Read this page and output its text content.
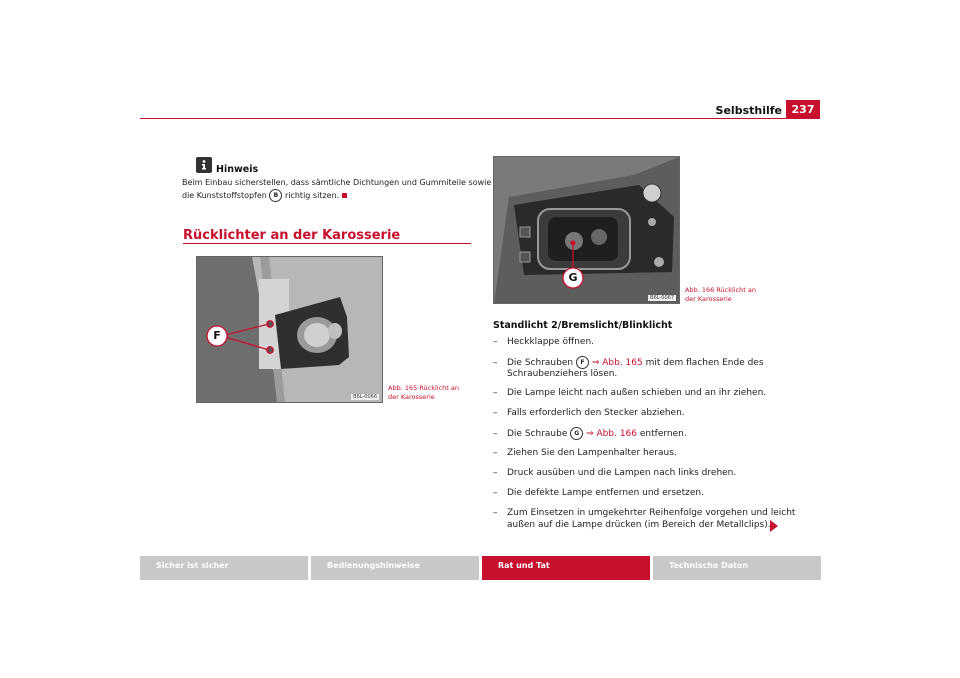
Selbsthilfe 237
Hinweis
Beim Einbau sicherstellen, dass sämtliche Dichtungen und Gummiteile sowie
die Kunststoffstopfen B richtig sitzen.
Rücklichter an der Karosserie
F
B6L-0066
Abb. 165 Rücklicht an
der Karosserie
G
B6L-0067
Abb. 166 Rücklicht an
der Karosserie
Standlicht 2/Bremslicht/Blinklicht
– Heckklappe öffnen.
– Die Schrauben F ⇒ Abb. 165 mit dem flachen Ende des
Schraubenziehers lösen.
– Die Lampe leicht nach außen schieben und an ihr ziehen.
– Falls erforderlich den Stecker abziehen.
– Die Schraube G ⇒ Abb. 166 entfernen.
– Ziehen Sie den Lampenhalter heraus.
– Druck ausüben und die Lampen nach links drehen.
– Die defekte Lampe entfernen und ersetzen.
– Zum Einsetzen in umgekehrter Reihenfolge vorgehen und leicht
außen auf die Lampe drücken (im Bereich der Metallclips).
Sicher ist sicher	Bedienungshinweise	Rat und Tat	Technische Daten
